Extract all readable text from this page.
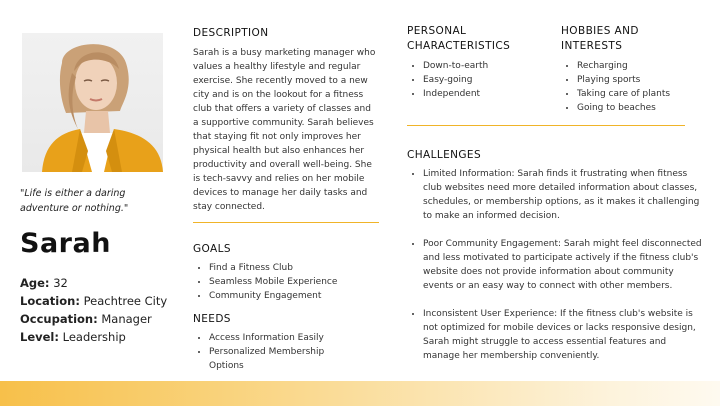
"Life is either a daring adventure or nothing."
Sarah
Age: 32
Location: Peachtree City
Occupation: Manager
Level: Leadership
DESCRIPTION
Sarah is a busy marketing manager who values a healthy lifestyle and regular exercise. She recently moved to a new city and is on the lookout for a fitness club that offers a variety of classes and a supportive community. Sarah believes that staying fit not only improves her physical health but also enhances her productivity and overall well-being. She is tech-savvy and relies on her mobile devices to manage her daily tasks and stay connected.
GOALS
• Find a Fitness Club
• Seamless Mobile Experience
• Community Engagement
NEEDS
• Access Information Easily
• Personalized Membership Options
PERSONAL CHARACTERISTICS
• Down-to-earth
• Easy-going
• Independent
HOBBIES AND INTERESTS
• Recharging
• Playing sports
• Taking care of plants
• Going to beaches
CHALLENGES
• Limited Information: Sarah finds it frustrating when fitness club websites need more detailed information about classes, schedules, or membership options, as it makes it challenging to make an informed decision.
• Poor Community Engagement: Sarah might feel disconnected and less motivated to participate actively if the fitness club's website does not provide information about community events or an easy way to connect with other members.
• Inconsistent User Experience: If the fitness club's website is not optimized for mobile devices or lacks responsive design, Sarah might struggle to access essential features and manage her membership conveniently.
